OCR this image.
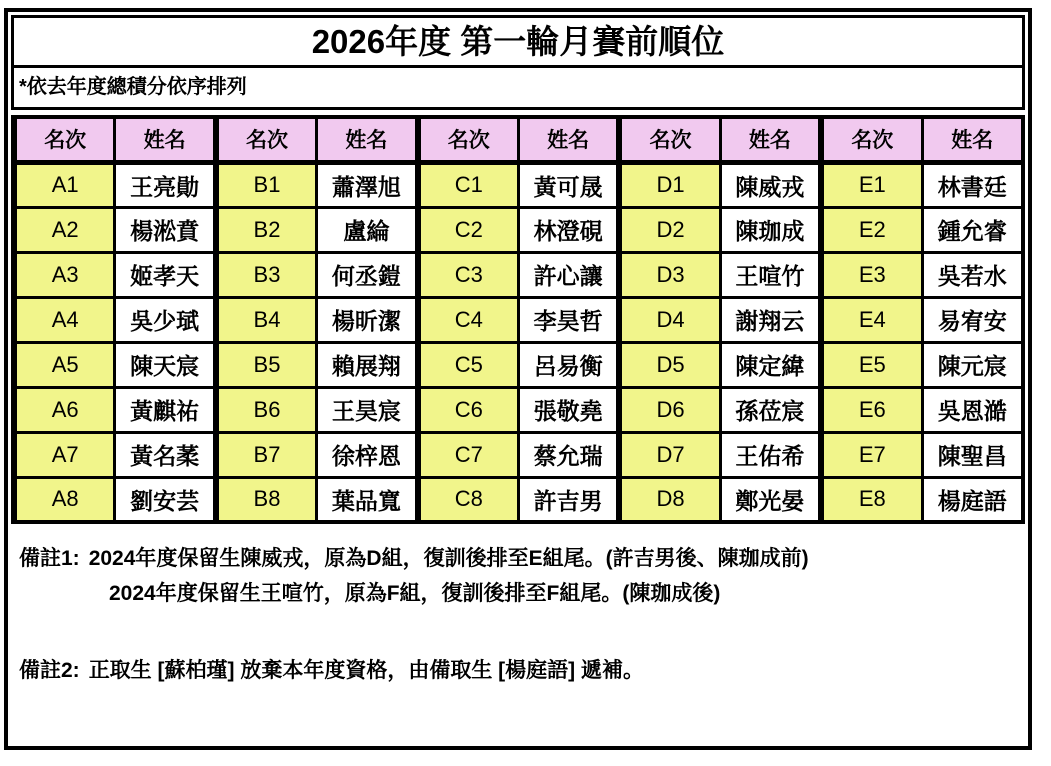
2026年度 第一輪月賽前順位
*依去年度總積分依序排列
名次	姓名	名次	姓名	名次	姓名	名次	姓名	名次	姓名
A1	王亮勛	B1	蕭澤旭	C1	黃可晟	D1	陳威戎	E1	林書廷
A2	楊淞賁	B2	盧綸	C2	林澄硯	D2	陳珈成	E2	鍾允睿
A3	姬孝天	B3	何丞鎧	C3	許心讓	D3	王喧竹	E3	吳若水
A4	吳少珷	B4	楊昕潔	C4	李昊哲	D4	謝翔云	E4	易宥安
A5	陳天宸	B5	賴展翔	C5	呂易衡	D5	陳定緯	E5	陳元宸
A6	黃麒祐	B6	王昊宸	C6	張敬堯	D6	孫莅宸	E6	吳恩澔
A7	黃名葇	B7	徐梓恩	C7	蔡允瑞	D7	王佑希	E7	陳聖昌
A8	劉安芸	B8	葉品寬	C8	許吉男	D8	鄭光晏	E8	楊庭語
備註1: 2024年度保留生陳威戎，原為D組，復訓後排至E組尾。(許吉男後、陳珈成前)
2024年度保留生王喧竹，原為F組，復訓後排至F組尾。(陳珈成後)
備註2: 正取生 [蘇柏瑾] 放棄本年度資格，由備取生 [楊庭語] 遞補。
